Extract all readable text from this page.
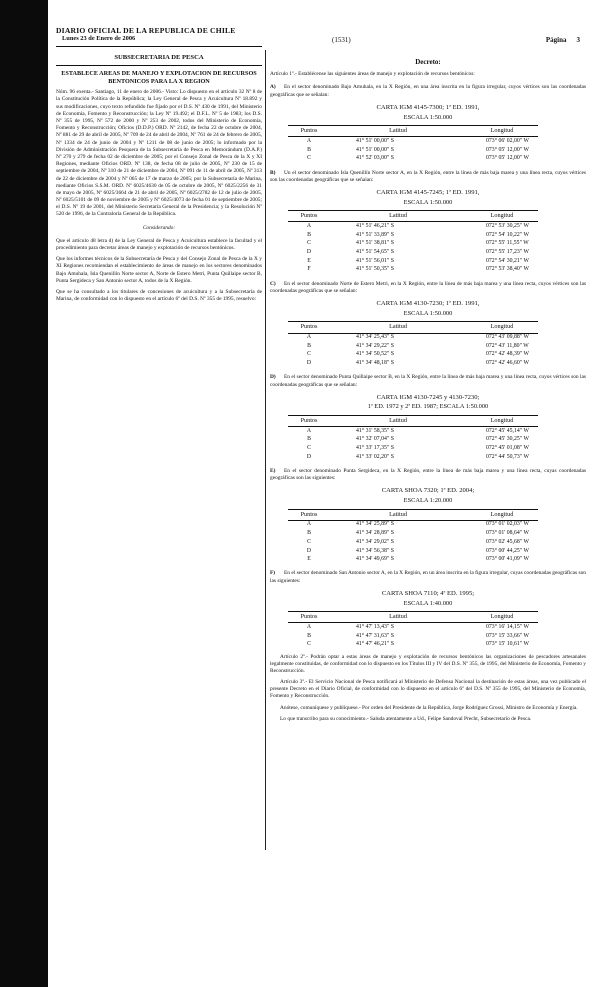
DIARIO OFICIAL DE LA REPUBLICA DE CHILE
Lunes 23 de Enero de 2006	(1531)	Página 3
SUBSECRETARIA DE PESCA
ESTABLECE AREAS DE MANEJO Y EXPLOTACION DE RECURSOS BENTONICOS PARA LA X REGION

Núm. 96 exenta.- Santiago, 11 de enero de 2006.- Visto: Lo dispuesto en el artículo 32 Nº 8 de la Constitución Política de la República; la Ley General de Pesca y Acuicultura Nº 18.892 y sus modificaciones, cuyo texto refundido fue fijado por el D.S. Nº 430 de 1991, del Ministerio de Economía, Fomento y Reconstrucción; la Ley Nº 19.492; el D.F.L. Nº 5 de 1983; los D.S. Nº 355 de 1995, Nº 572 de 2000 y Nº 253 de 2002, todos del Ministerio de Economía, Fomento y Reconstrucción; Oficios (D.D.P.) ORD. Nº 2142, de fecha 22 de octubre de 2004, Nº 881 de 29 de abril de 2005, Nº 709 de 24 de abril de 2004, Nº 761 de 24 de febrero de 2005, Nº 1334 de 24 de junio de 2004 y Nº 1211 de 08 de junio de 2005; lo informado por la División de Administración Pesquera de la Subsecretaría de Pesca en Memorándum (D.A.P.) Nº 270 y 279 de fecha 02 de diciembre de 2005; por el Consejo Zonal de Pesca de la X y XI Regiones, mediante Oficios ORD. Nº 138, de fecha 08 de julio de 2005, Nº 230 de 15 de septiembre de 2004, Nº 310 de 21 de diciembre de 2004, Nº 091 de 11 de abril de 2005, Nº 313 de 22 de diciembre de 2004 y Nº 065 de 17 de marzo de 2005; por la Subsecretaría de Marina, mediante Oficios S.S.M. ORD. Nº 6025/4630 de 05 de octubre de 2005, Nº 6025/2256 de 31 de mayo de 2005, Nº 6025/3664 de 21 de abril de 2005, Nº 6025/2782 de 12 de julio de 2005, Nº 6025/5101 de 09 de noviembre de 2005 y Nº 6025/4073 de fecha 01 de septiembre de 2005; el D.S. Nº 19 de 2001, del Ministerio Secretaría General de la Presidencia; y la Resolución Nº 520 de 1996, de la Contraloría General de la República.

Considerando:

Que el artículo 48 letra d) de la Ley General de Pesca y Acuicultura establece la facultad y el procedimiento para decretar áreas de manejo y explotación de recursos bentónicos.

Que los informes técnicos de la Subsecretaría de Pesca y del Consejo Zonal de Pesca de la X y XI Regiones recomiendan el establecimiento de áreas de manejo en los sectores denominados Bajo Amuhala, Isla Quenillín Norte sector A, Norte de Estero Metri, Punta Quillaipe sector B, Punta Sergideca y San Antonio sector A, todos de la X Región.

Que se ha consultado a los titulares de concesiones de acuicultura y a la Subsecretaría de Marina, de conformidad con lo dispuesto en el artículo 6º del D.S. Nº 355 de 1995, resuelvo:

Decreto:

Artículo 1º.- Establécense las siguientes áreas de manejo y explotación de recursos bentónicos:

A) En el sector denominado Bajo Amuhala, en la X Región, en una área inscrita en la figura irregular, cuyos vértices son las coordenadas geográficas que se señalan:

CARTA IGM 4145-7300; 1ª ED. 1991,
ESCALA 1:50.000
Puntos	Latitud	Longitud
A	41° 51' 00,00" S	073° 06' 02,00" W
B	41° 51' 00,00" S	073° 05' 12,00" W
C	41° 52' 03,00" S	073° 05' 12,00" W

B) Un el sector denominado Isla Quenillín Norte sector A, en la X Región, entre la línea de más baja marea y una línea recta, cuyos vértices son las coordenadas geográficas que se señalan:

CARTA IGM 4145-7245; 1ª ED. 1991,
ESCALA 1:50.000
Puntos	Latitud	Longitud
A	41° 51' 46,21" S	072° 53' 30,25" W
B	41° 51' 33,89" S	072° 54' 10,22" W
C	41° 51' 38,81" S	072° 55' 11,55" W
D	41° 51' 54,65" S	072° 55' 17,23" W
E	41° 51' 56,01" S	072° 54' 30,21" W
F	41° 51' 50,35" S	072° 53' 38,40" W

C) En el sector denominado Norte de Estero Metri, en la X Región, entre la línea de más baja marea y una línea recta, cuyos vértices son las coordenadas geográficas que se señalan:

CARTA IGM 4130-7230; 1ª ED. 1991,
ESCALA 1:50.000
Puntos	Latitud	Longitud
A	41° 34' 25,43" S	072° 43' 09,88" W
B	41° 34' 29,22" S	072° 43' 11,80" W
C	41° 34' 50,52" S	072° 42' 48,39" W
D	41° 34' 48,18" S	072° 42' 46,60" W

D) En el sector denominado Punta Quillaipe sector B, en la X Región, entre la línea de más baja marea y una línea recta, cuyos vértices son las coordenadas geográficas que se señalan:

CARTA IGM 4130-7245 y 4130-7230;
1ª ED. 1972 y 2ª ED. 1987; ESCALA 1:50.000
Puntos	Latitud	Longitud
A	41° 31' 58,35" S	072° 45' 45,14" W
B	41° 32' 07,04" S	072° 45' 30,25" W
C	41° 33' 17,35" S	072° 45' 01,08" W
D	41° 33' 02,20" S	072° 44' 50,73" W

E) En el sector denominado Punta Sergideca, en la X Región, entre la línea de más baja marea y una línea recta, cuyas coordenadas geográficas son las siguientes:

CARTA SHOA 7320; 1ª ED. 2004;
ESCALA 1:20.000
Puntos	Latitud	Longitud
A	41° 34' 25,89" S	073° 01' 02,03" W
B	41° 34' 28,89" S	073° 01' 08,64" W
C	41° 34' 29,02" S	073° 02' 45,68" W
D	41° 34' 56,38" S	073° 00' 44,25" W
E	41° 34' 49,69" S	073° 00' 41,09" W

F) En el sector denominado San Antonio sector A, en la X Región, en un área inscrita en la figura irregular, cuyas coordenadas geográficas son las siguientes:

CARTA SHOA 7110; 4ª ED. 1995;
ESCALA 1:40.000
Puntos	Latitud	Longitud
A	41° 47' 13,43" S	073° 16' 14,15" W
B	41° 47' 31,63" S	073° 15' 33,66" W
C	41° 47' 46,21" S	073° 15' 10,61" W

Artículo 2º.- Podrán optar a estas áreas de manejo y explotación de recursos bentónicos las organizaciones de pescadores artesanales legalmente constituidas, de conformidad con lo dispuesto en los Títulos III y IV del D.S. Nº 355, de 1995, del Ministerio de Economía, Fomento y Reconstrucción.

Artículo 3º.- El Servicio Nacional de Pesca notificará al Ministerio de Defensa Nacional la destinación de estas áreas, una vez publicado el presente Decreto en el Diario Oficial, de conformidad con lo dispuesto en el artículo 6º del D.S. Nº 355 de 1995, del Ministerio de Economía, Fomento y Reconstrucción.

Anótese, comuníquese y publíquese.- Por orden del Presidente de la República, Jorge Rodríguez Grossi, Ministro de Economía y Energía.

Lo que transcribo para su conocimiento.- Saluda atentamente a Ud., Felipe Sandoval Precht, Subsecretario de Pesca.
